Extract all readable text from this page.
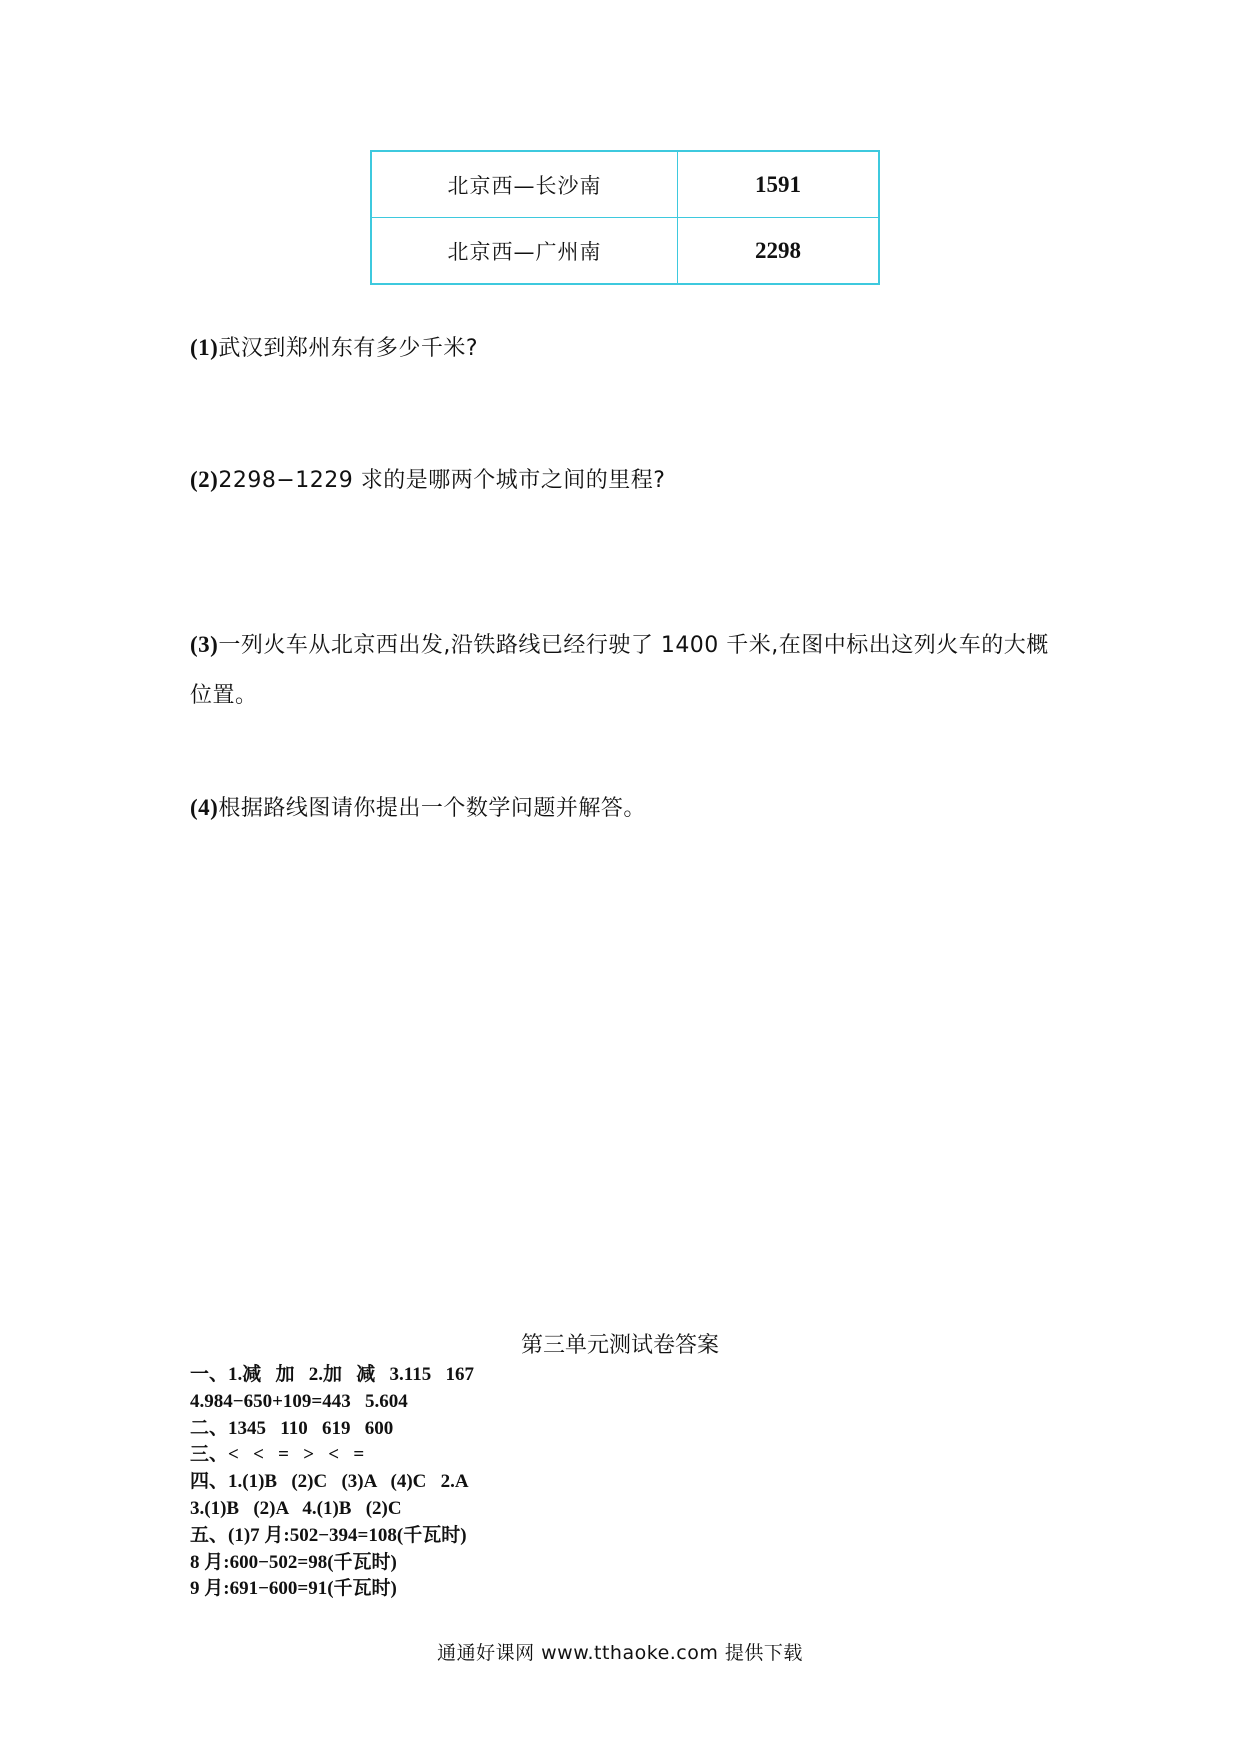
北京西—长沙南	1591
北京西—广州南	2298
(1)武汉到郑州东有多少千米?
(2)2298−1229 求的是哪两个城市之间的里程?
(3)一列火车从北京西出发,沿铁路线已经行驶了 1400 千米,在图中标出这列火车的大概位置。
(4)根据路线图请你提出一个数学问题并解答。
第三单元测试卷答案
一、1.减   加   2.加   减   3.115   167
4.984−650+109=443   5.604
二、1345   110   619   600
三、<   <   =   >   <   =
四、1.(1)B   (2)C   (3)A   (4)C   2.A
3.(1)B   (2)A   4.(1)B   (2)C
五、(1)7 月:502−394=108(千瓦时)
8 月:600−502=98(千瓦时)
9 月:691−600=91(千瓦时)
通通好课网 www.tthaoke.com 提供下载
